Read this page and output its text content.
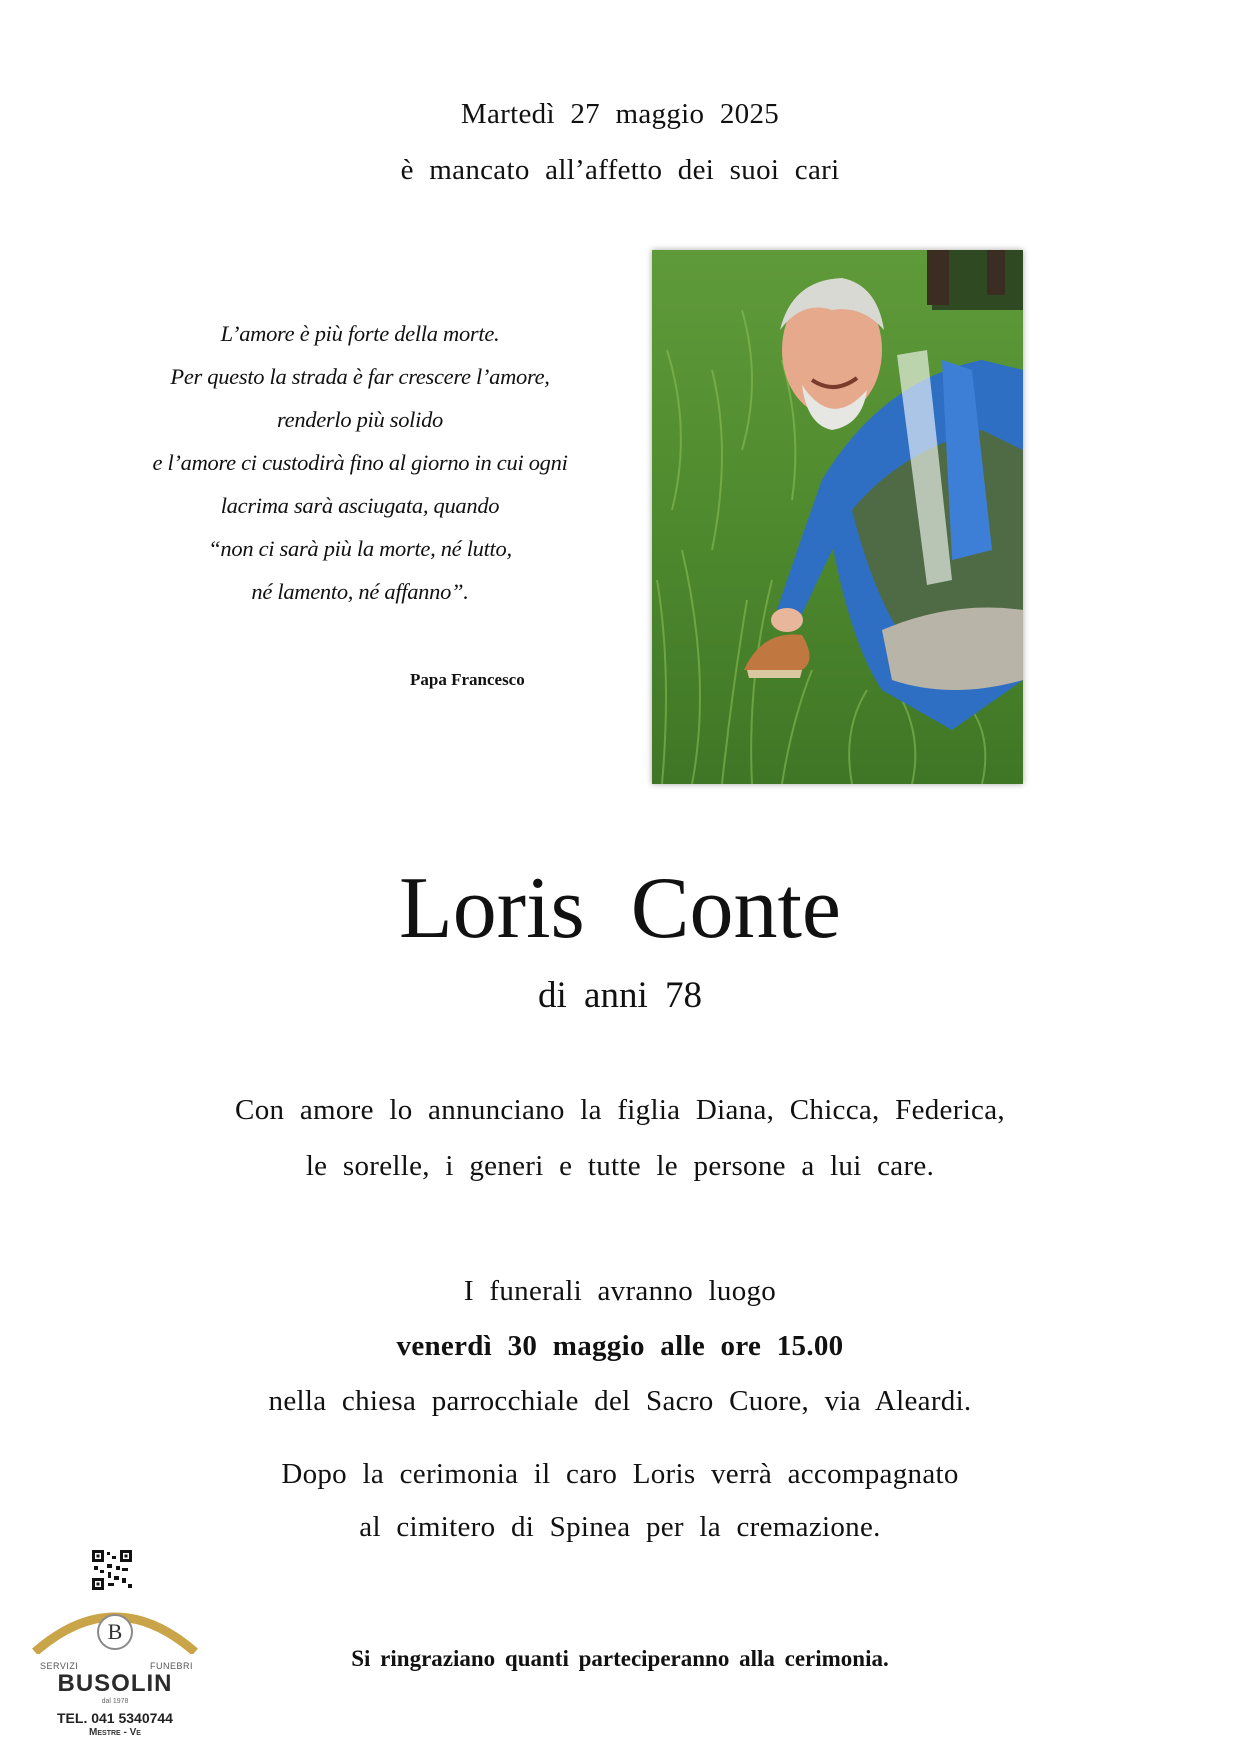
Martedì 27 maggio 2025
è mancato all’affetto dei suoi cari
L’amore è più forte della morte.
Per questo la strada è far crescere l’amore,
renderlo più solido
e l’amore ci custodirà fino al giorno in cui ogni
lacrima sarà asciugata, quando
“non ci sarà più la morte, né lutto,
né lamento, né affanno”.
Papa Francesco
Loris Conte
di anni 78
Con amore lo annunciano la figlia Diana, Chicca, Federica,
le sorelle, i generi e tutte le persone a lui care.
I funerali avranno luogo
venerdì 30 maggio alle ore 15.00
nella chiesa parrocchiale del Sacro Cuore, via Aleardi.
Dopo la cerimonia il caro Loris verrà accompagnato
al cimitero di Spinea per la cremazione.
Si ringraziano quanti parteciperanno alla cerimonia.
B
SERVIZI	FUNEBRI
BUSOLIN
dal 1978
TEL. 041 5340744
Mestre - Ve
